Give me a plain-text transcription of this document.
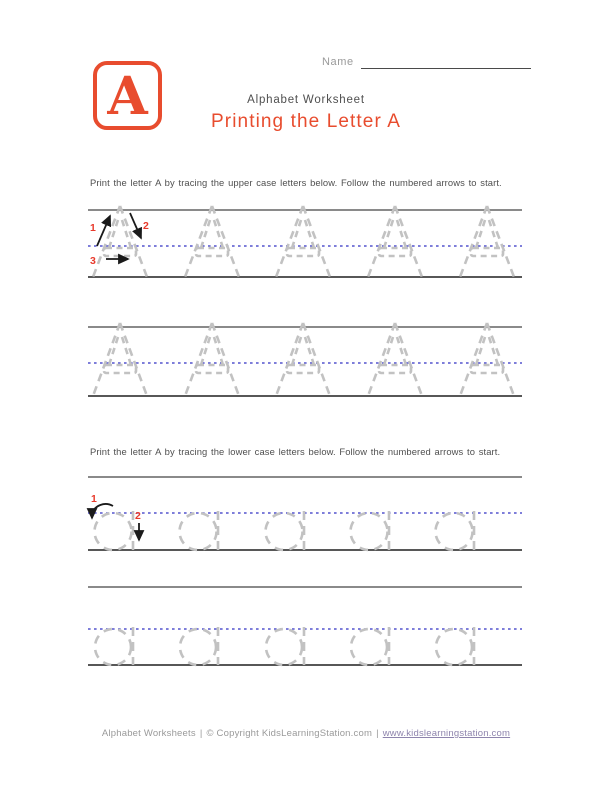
A
Name
Alphabet Worksheet
Printing the Letter A
Print the letter A by tracing the upper case letters below. Follow the numbered arrows to start.
Print the letter A by tracing the lower case letters below. Follow the numbered arrows to start.
1	2
3
1
2
Alphabet Worksheets | © Copyright KidsLearningStation.com | www.kidslearningstation.com
